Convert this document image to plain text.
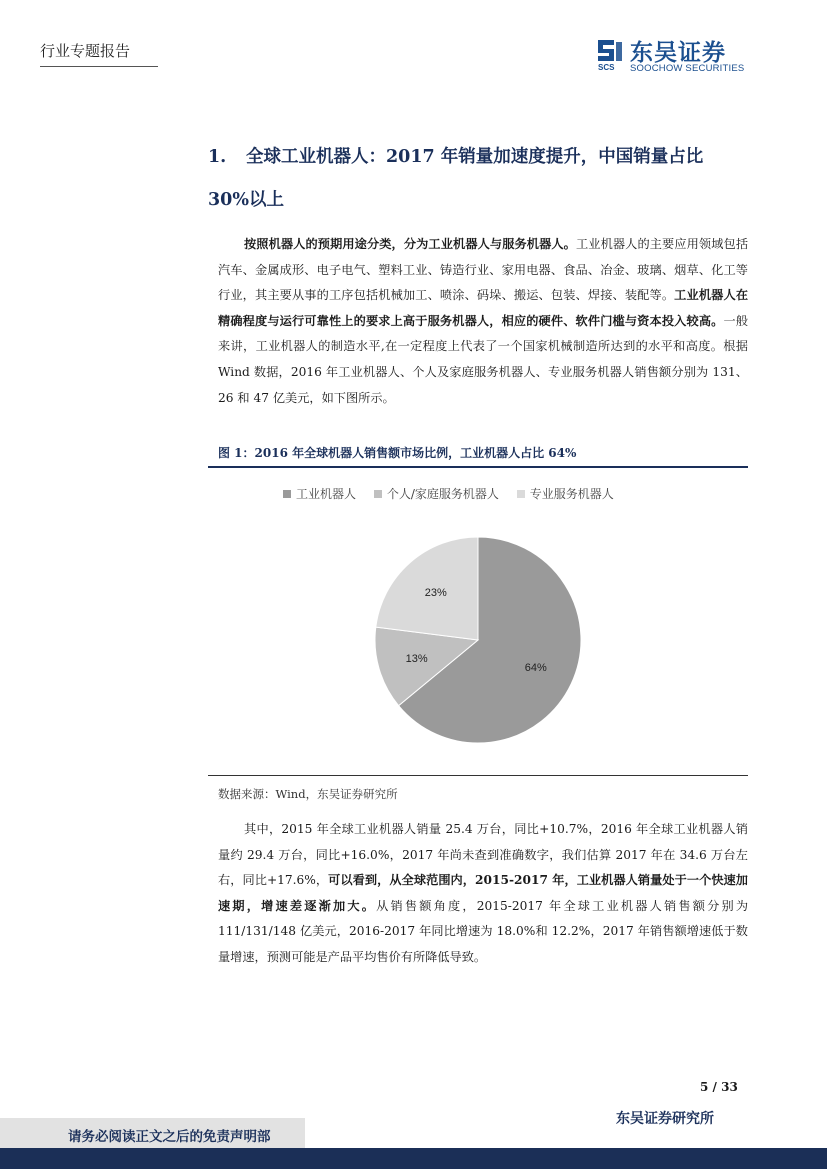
行业专题报告
SCS
东吴证券
SOOCHOW SECURITIES
1. 全球工业机器人：2017 年销量加速度提升，中国销量占比
30%以上
按照机器人的预期用途分类，分为工业机器人与服务机器人。工业机器人的主要应用领域包括汽车、金属成形、电子电气、塑料工业、铸造行业、家用电器、食品、冶金、玻璃、烟草、化工等行业，其主要从事的工序包括机械加工、喷涂、码垛、搬运、包装、焊接、装配等。工业机器人在精确程度与运行可靠性上的要求上高于服务机器人，相应的硬件、软件门槛与资本投入较高。一般来讲，工业机器人的制造水平,在一定程度上代表了一个国家机械制造所达到的水平和高度。根据 Wind 数据，2016 年工业机器人、个人及家庭服务机器人、专业服务机器人销售额分别为 131、26 和 47 亿美元，如下图所示。
图 1：2016 年全球机器人销售额市场比例，工业机器人占比 64%
工业机器人	个人/家庭服务机器人	专业服务机器人
64%
13%
23%
数据来源：Wind，东吴证券研究所
其中，2015 年全球工业机器人销量 25.4 万台，同比+10.7%，2016 年全球工业机器人销量约 29.4 万台，同比+16.0%，2017 年尚未查到准确数字，我们估算 2017 年在 34.6 万台左右，同比+17.6%，可以看到，从全球范围内，2015-2017 年，工业机器人销量处于一个快速加速期，增速差逐渐加大。从销售额角度，2015-2017 年全球工业机器人销售额分别为 111/131/148 亿美元，2016-2017 年同比增速为 18.0%和 12.2%，2017 年销售额增速低于数量增速，预测可能是产品平均售价有所降低导致。
5 / 33
东吴证券研究所
请务必阅读正文之后的免责声明部
